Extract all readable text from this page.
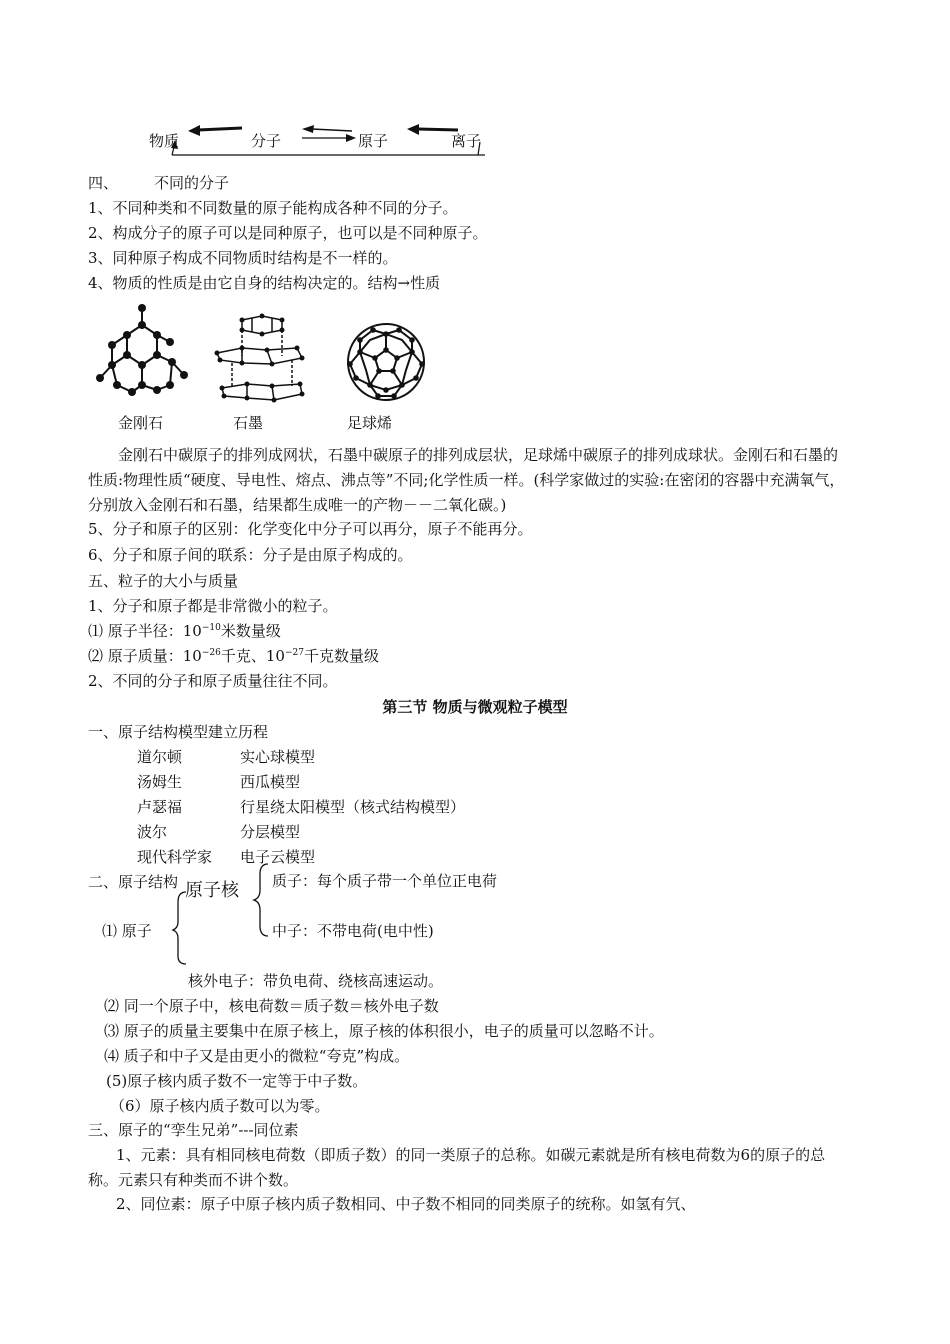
物质	分子	原子	离子
四、 不同的分子
1、不同种类和不同数量的原子能构成各种不同的分子。
2、构成分子的原子可以是同种原子，也可以是不同种原子。
3、同种原子构成不同物质时结构是不一样的。
4、物质的性质是由它自身的结构决定的。结构→性质
金刚石	石墨	足球烯
金刚石中碳原子的排列成网状，石墨中碳原子的排列成层状，足球烯中碳原子的排列成球状。金刚石和石墨的性质:物理性质“硬度、导电性、熔点、沸点等”不同;化学性质一样。(科学家做过的实验:在密闭的容器中充满氧气，分别放入金刚石和石墨，结果都生成唯一的产物－－二氧化碳。)
5、分子和原子的区别：化学变化中分子可以再分，原子不能再分。
6、分子和原子间的联系：分子是由原子构成的。
五、粒子的大小与质量
1、分子和原子都是非常微小的粒子。
⑴ 原子半径：$10^{-10}$米数量级
⑵ 原子质量：$10^{-26}$千克、$10^{-27}$千克数量级
2、不同的分子和原子质量往往不同。
第三节 物质与微观粒子模型
一、原子结构模型建立历程
道尔顿	实心球模型
汤姆生	西瓜模型
卢瑟福	行星绕太阳模型（核式结构模型）
波尔	分层模型
现代科学家 电子云模型
二、原子结构 原子核 质子：每个质子带一个单位正电荷
中子：不带电荷(电中性)
⑴ 原子
核外电子：带负电荷、绕核高速运动。
⑵ 同一个原子中，核电荷数＝质子数＝核外电子数
⑶ 原子的质量主要集中在原子核上，原子核的体积很小，电子的质量可以忽略不计。
⑷ 质子和中子又是由更小的微粒“夸克”构成。
(5)原子核内质子数不一定等于中子数。
（6）原子核内质子数可以为零。
三、原子的“孪生兄弟”---同位素
1、元素：具有相同核电荷数（即质子数）的同一类原子的总称。如碳元素就是所有核电荷数为6的原子的总称。元素只有种类而不讲个数。
2、同位素：原子中原子核内质子数相同、中子数不相同的同类原子的统称。如氢有氕、
